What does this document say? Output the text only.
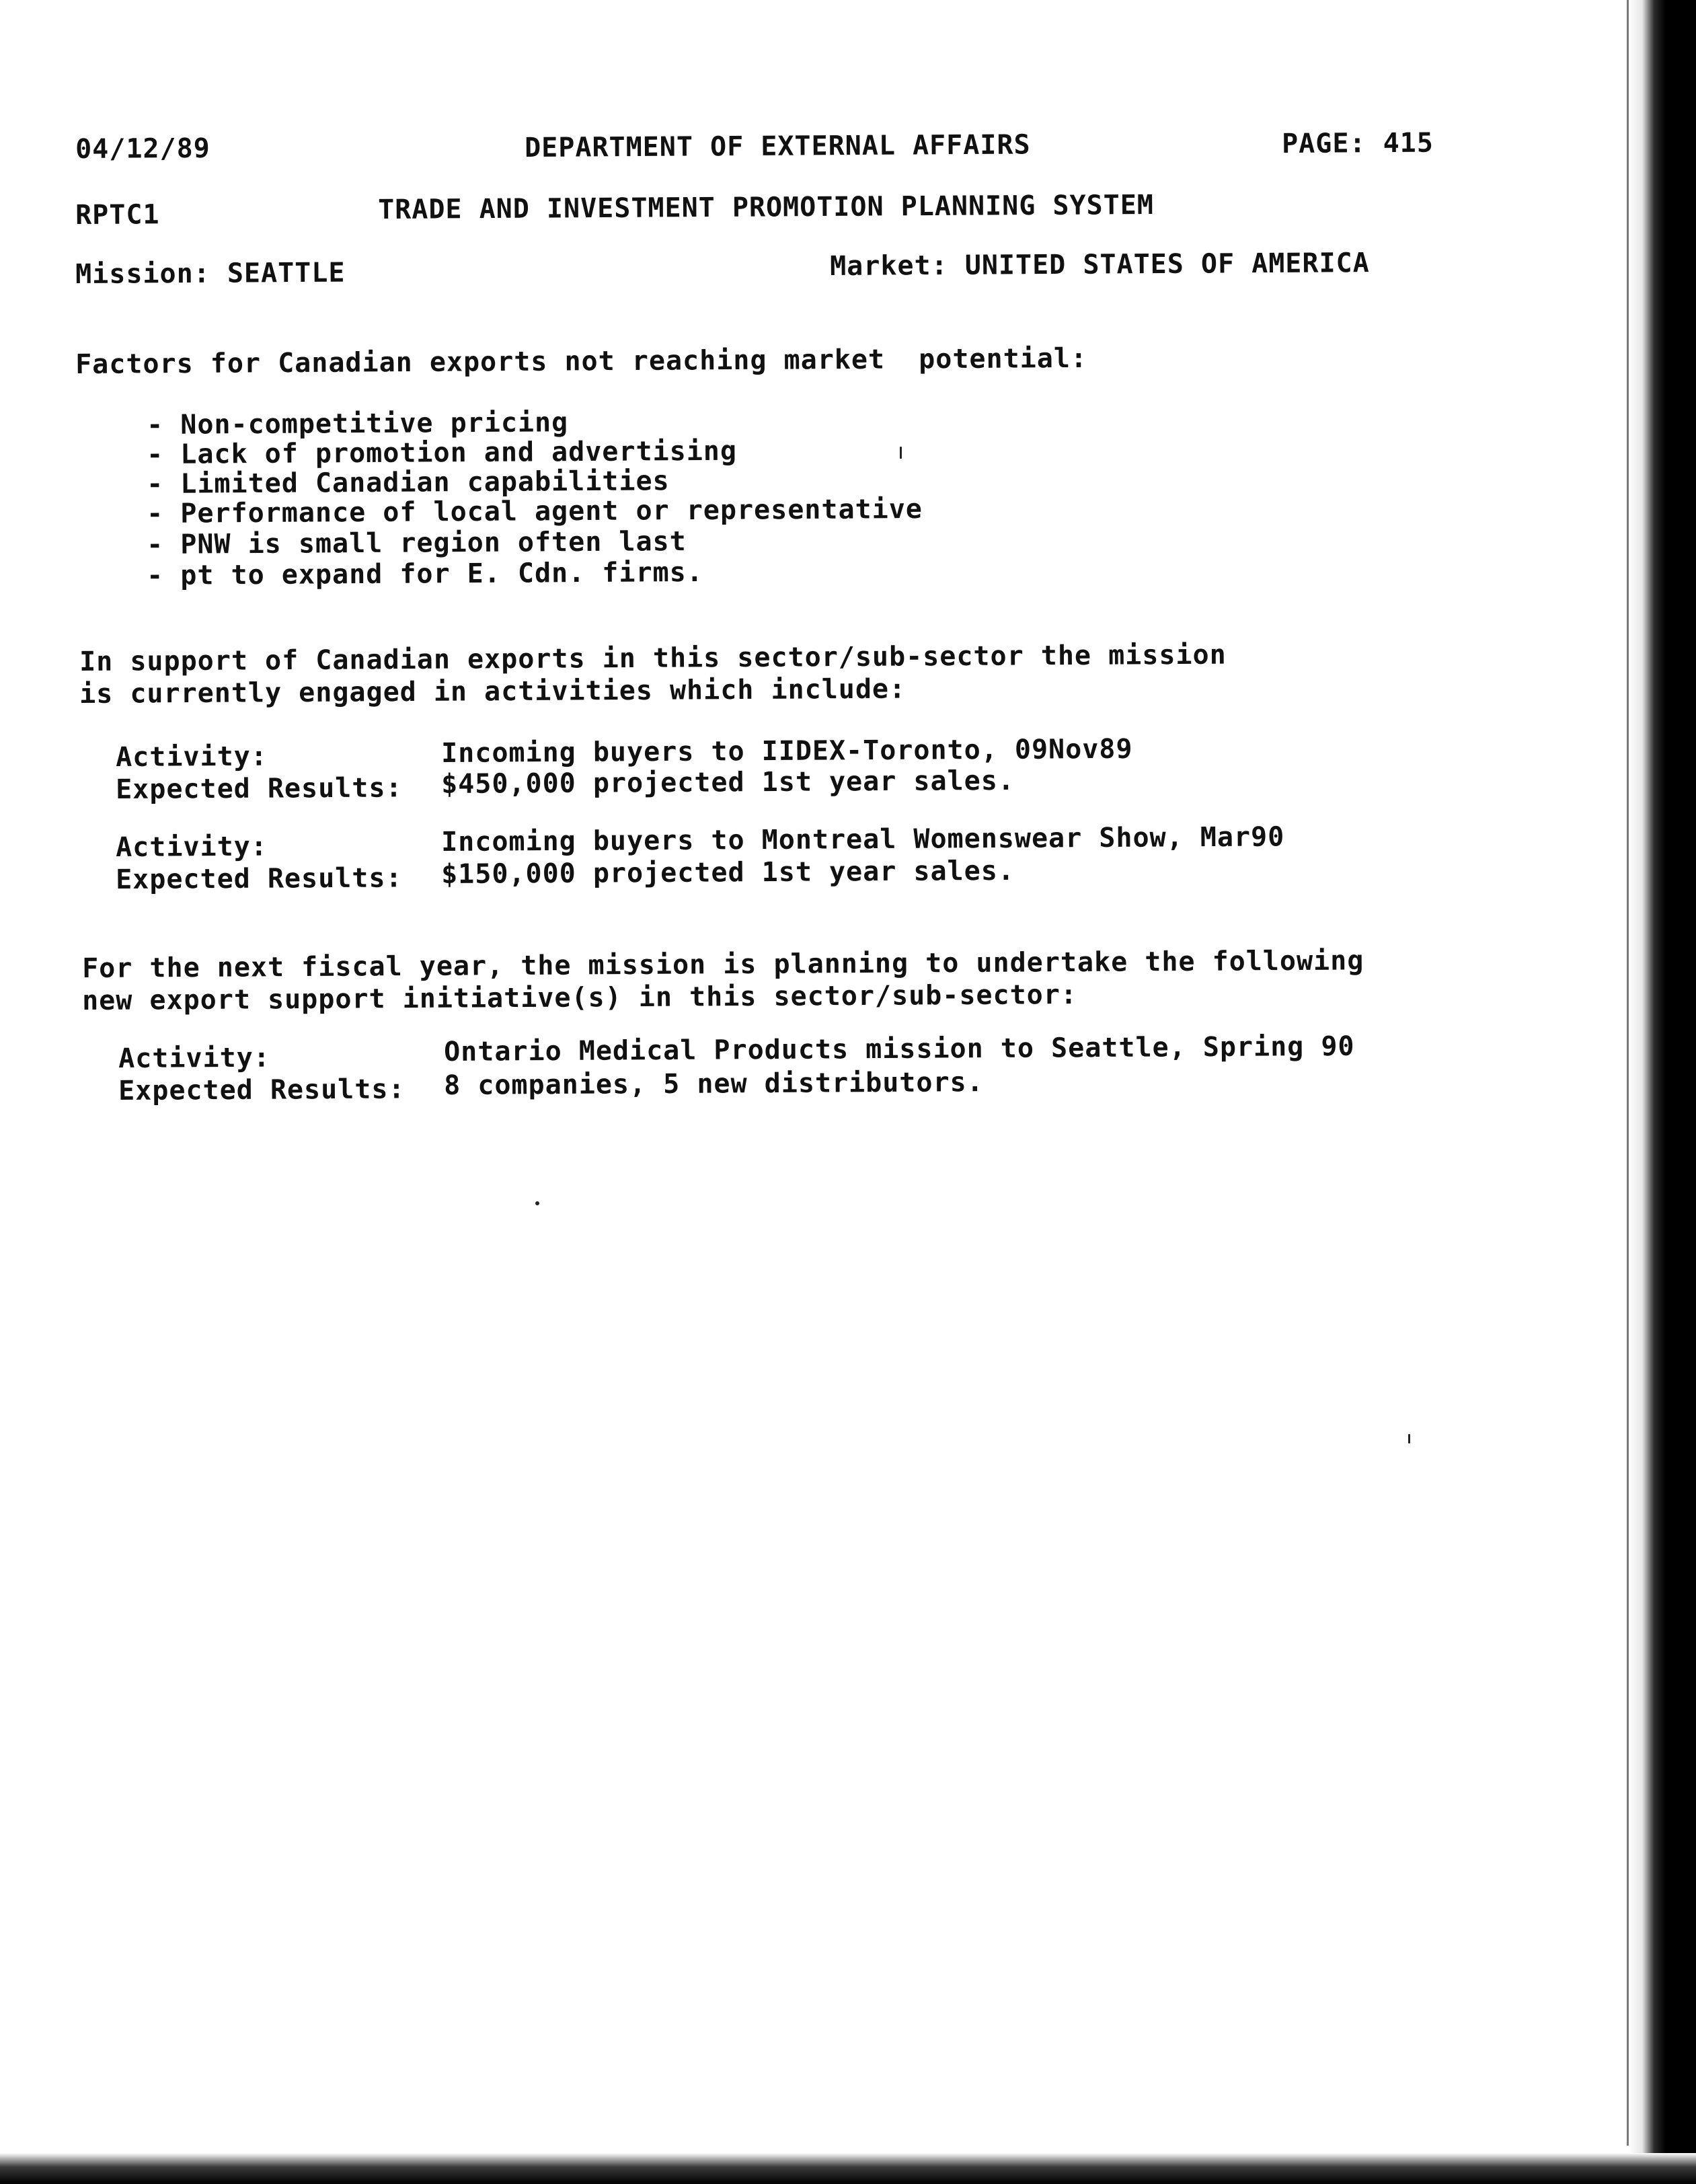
04/12/89	DEPARTMENT OF EXTERNAL AFFAIRS	PAGE: 415
RPTC1	TRADE AND INVESTMENT PROMOTION PLANNING SYSTEM
Mission: SEATTLE	Market: UNITED STATES OF AMERICA
Factors for Canadian exports not reaching market  potential:
- Non-competitive pricing
- Lack of promotion and advertising
- Limited Canadian capabilities
- Performance of local agent or representative
- PNW is small region often last
- pt to expand for E. Cdn. firms.
In support of Canadian exports in this sector/sub-sector the mission
is currently engaged in activities which include:
Activity:	Incoming buyers to IIDEX-Toronto, 09Nov89
Expected Results: $450,000 projected 1st year sales.
Activity:	Incoming buyers to Montreal Womenswear Show, Mar90
Expected Results: $150,000 projected 1st year sales.
For the next fiscal year, the mission is planning to undertake the following
new export support initiative(s) in this sector/sub-sector:
Activity:	Ontario Medical Products mission to Seattle, Spring 90
Expected Results: 8 companies, 5 new distributors.
